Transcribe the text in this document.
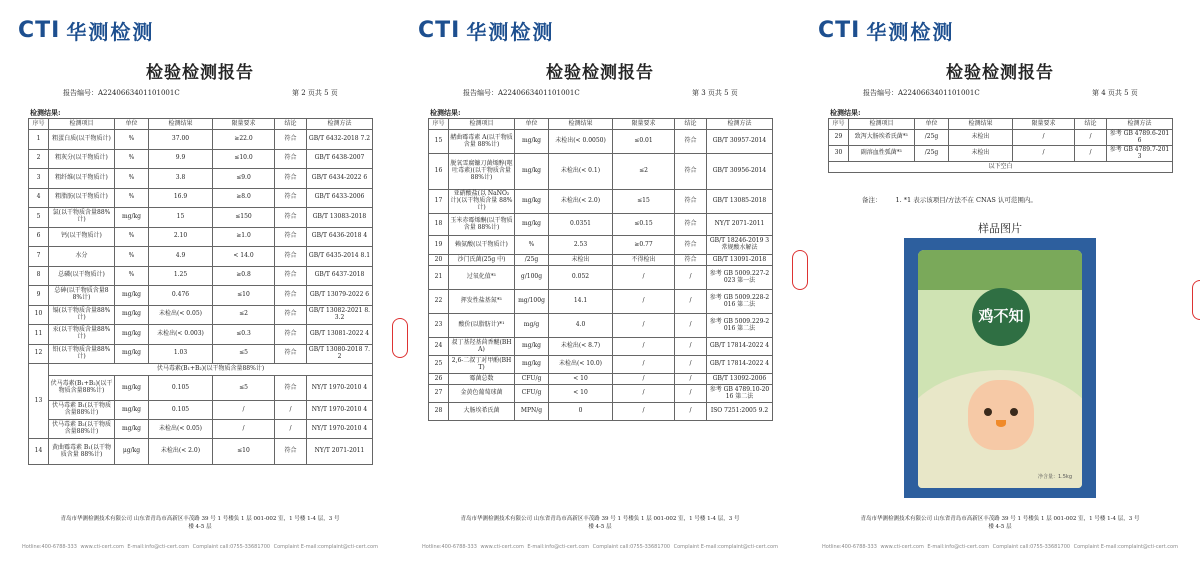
CTI 华测检测
检验检测报告
报告编号：A2240663401101001C	第 2 页共 5 页
检测结果:
序号	检测项目	单位	检测结果	限量要求	结论	检测方法
1	粗蛋白质(以干物质计)	%	37.00	≥22.0	符合	GB/T 6432-2018 7.2
2	粗灰分(以干物质计)	%	9.9	≤10.0	符合	GB/T 6438-2007
3	粗纤维(以干物质计)	%	3.8	≤9.0	符合	GB/T 6434-2022 6
4	粗脂肪(以干物质计)	%	16.9	≥8.0	符合	GB/T 6433-2006
5	氯(以干物质含量88%计)	mg/kg	15	≤150	符合	GB/T 13083-2018
6	钙(以干物质计)	%	2.10	≥1.0	符合	GB/T 6436-2018 4
7	水分	%	4.9	< 14.0	符合	GB/T 6435-2014 8.1
8	总磷(以干物质计)	%	1.25	≥0.8	符合	GB/T 6437-2018
9	总砷(以干物质含量88%计)	mg/kg	0.476	≤10	符合	GB/T 13079-2022 6
10	镉(以干物质含量88%计)	mg/kg	未检出(< 0.05)	≤2	符合	GB/T 13082-2021 8.3.2
11	汞(以干物质含量88%计)	mg/kg	未检出(< 0.003)	≤0.3	符合	GB/T 13081-2022 4
12	铅(以干物质含量88%计)	mg/kg	1.03	≤5	符合	GB/T 13080-2018 7.2
13	伏马毒素(B₁+B₂)(以干物质含量88%计)					
	伏马毒素(B₁+B₂)(以干物质含量88%计)	mg/kg	0.105	≤5	符合	NY/T 1970-2010 4
	伏马毒素 B₁(以干物质含量88%计)	mg/kg	0.105	/	/	NY/T 1970-2010 4
	伏马毒素 B₂(以干物质含量88%计)	mg/kg	未检出(< 0.05)	/	/	NY/T 1970-2010 4
14	黄曲霉毒素 B₁(以干物质含量 88%计)	μg/kg	未检出(< 2.0)	≤10	符合	NY/T 2071-2011
青岛市华测检测技术有限公司 山东省青岛市高新区丰茂路 39 号 1 号楼负 1 层 001-002 室，1 号楼 1-4 层，3 号楼 4-5 层
Hotline:400-6788-333 www.cti-cert.com E-mail:info@cti-cert.com Complaint call:0755-33681700 Complaint E-mail:complaint@cti-cert.com
CTI 华测检测
检验检测报告
报告编号：A2240663401101001C	第 3 页共 5 页
检测结果:
序号	检测项目	单位	检测结果	限量要求	结论	检测方法
15	赭曲霉毒素 A(以干物质含量 88%计)	mg/kg	未检出(< 0.0050)	≤0.01	符合	GB/T 30957-2014
16	脱氧雪腐镰刀菌烯醇(呕吐毒素)(以干物质含量 88%计)	mg/kg	未检出(< 0.1)	≤2	符合	GB/T 30956-2014
17	亚硝酸盐(以 NaNO₂计)(以干物质含量 88%计)	mg/kg	未检出(< 2.0)	≤15	符合	GB/T 13085-2018
18	玉米赤霉烯酮(以干物质含量 88%计)	mg/kg	0.0351	≤0.15	符合	NY/T 2071-2011
19	赖氨酸(以干物质计)	%	2.53	≥0.77	符合	GB/T 18246-2019 3 常规酸水解法
20	沙门氏菌(25g 中)	/25g	未检出	不得检出	符合	GB/T 13091-2018
21	过氧化值*¹	g/100g	0.052	/	/	参考 GB 5009.227-2023 第一法
22	挥发性盐基氮*¹	mg/100g	14.1	/	/	参考 GB 5009.228-2016 第二法
23	酸价(以脂肪计)*¹	mg/g	4.0	/	/	参考 GB 5009.229-2016 第二法
24	叔丁基羟基茴香醚(BHA)	mg/kg	未检出(< 8.7)	/	/	GB/T 17814-2022 4
25	2,6-二叔丁对甲酚(BHT)	mg/kg	未检出(< 10.0)	/	/	GB/T 17814-2022 4
26	霉菌总数	CFU/g	< 10	/	/	GB/T 13092-2006
27	金黄色葡萄球菌	CFU/g	< 10	/	/	参考 GB 4789.10-2016 第二法
28	大肠埃希氏菌	MPN/g	0	/	/	ISO 7251:2005 9.2
青岛市华测检测技术有限公司 山东省青岛市高新区丰茂路 39 号 1 号楼负 1 层 001-002 室，1 号楼 1-4 层，3 号楼 4-5 层
Hotline:400-6788-333 www.cti-cert.com E-mail:info@cti-cert.com Complaint call:0755-33681700 Complaint E-mail:complaint@cti-cert.com
CTI 华测检测
检验检测报告
报告编号：A2240663401101001C	第 4 页共 5 页
检测结果:
序号	检测项目	单位	检测结果	限量要求	结论	检测方法
29	致泻大肠埃希氏菌*¹	/25g	未检出	/	/	参考 GB 4789.6-2016
30	副溶血性弧菌*¹	/25g	未检出	/	/	参考 GB 4789.7-2013
以下空白						
备注： 1. *1 表示该项目/方法不在 CNAS 认可范围内。
样品图片
鸡不知
净含量：1.5kg
青岛市华测检测技术有限公司 山东省青岛市高新区丰茂路 39 号 1 号楼负 1 层 001-002 室，1 号楼 1-4 层，3 号楼 4-5 层
Hotline:400-6788-333 www.cti-cert.com E-mail:info@cti-cert.com Complaint call:0755-33681700 Complaint E-mail:complaint@cti-cert.com
